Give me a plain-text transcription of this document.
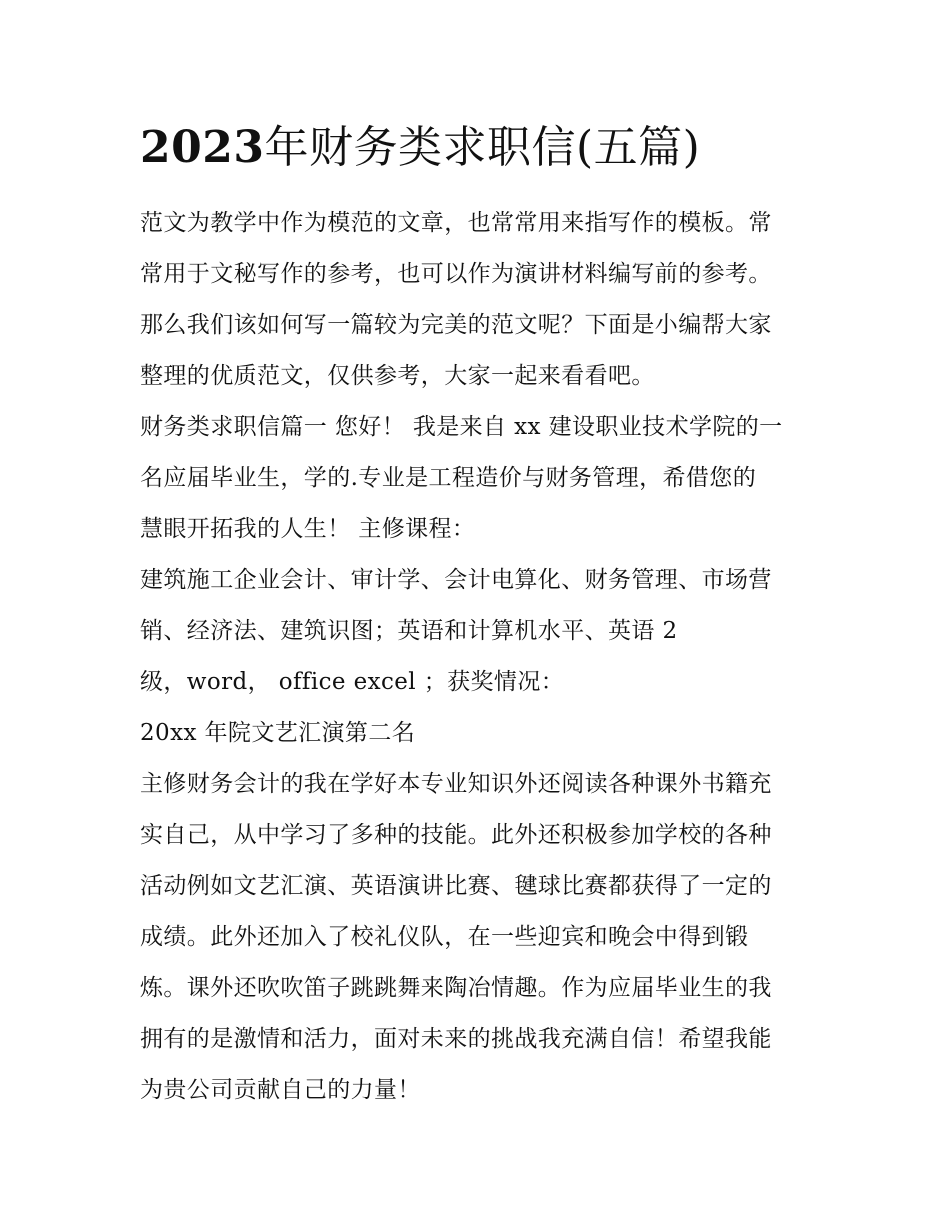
2023年财务类求职信(五篇)
范文为教学中作为模范的文章，也常常用来指写作的模板。常
常用于文秘写作的参考，也可以作为演讲材料编写前的参考。
那么我们该如何写一篇较为完美的范文呢？下面是小编帮大家
整理的优质范文，仅供参考，大家一起来看看吧。
财务类求职信篇一 您好！ 我是来自 xx 建设职业技术学院的一
名应届毕业生，学的.专业是工程造价与财务管理，希借您的
慧眼开拓我的人生！ 主修课程：
建筑施工企业会计、审计学、会计电算化、财务管理、市场营
销、经济法、建筑识图；英语和计算机水平、英语 2
级，word， office excel ；获奖情况：
20xx 年院文艺汇演第二名
主修财务会计的我在学好本专业知识外还阅读各种课外书籍充
实自己，从中学习了多种的技能。此外还积极参加学校的各种
活动例如文艺汇演、英语演讲比赛、毽球比赛都获得了一定的
成绩。此外还加入了校礼仪队，在一些迎宾和晚会中得到锻
炼。课外还吹吹笛子跳跳舞来陶冶情趣。作为应届毕业生的我
拥有的是激情和活力，面对未来的挑战我充满自信！希望我能
为贵公司贡献自己的力量！
